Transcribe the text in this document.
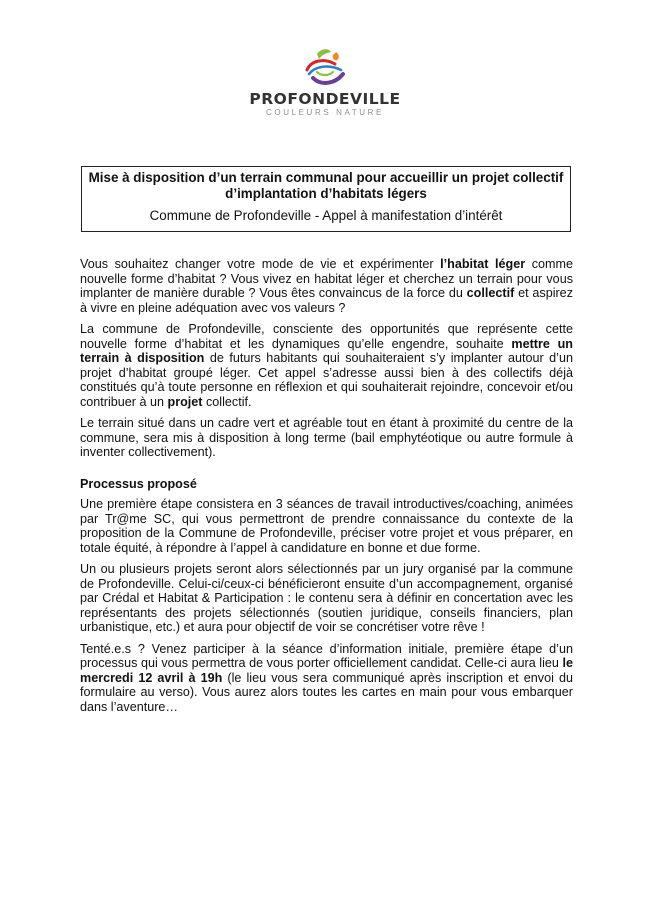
PROFONDEVILLE
COULEURS NATURE
Mise à disposition d’un terrain communal pour accueillir un projet collectif d’implantation d’habitats légers
Commune de Profondeville - Appel à manifestation d’intérêt

Vous souhaitez changer votre mode de vie et expérimenter l’habitat léger comme nouvelle forme d’habitat ? Vous vivez en habitat léger et cherchez un terrain pour vous implanter de manière durable ? Vous êtes convaincus de la force du collectif et aspirez à vivre en pleine adéquation avec vos valeurs ?

La commune de Profondeville, consciente des opportunités que représente cette nouvelle forme d’habitat et les dynamiques qu’elle engendre, souhaite mettre un terrain à disposition de futurs habitants qui souhaiteraient s’y implanter autour d’un projet d’habitat groupé léger. Cet appel s’adresse aussi bien à des collectifs déjà constitués qu’à toute personne en réflexion et qui souhaiterait rejoindre, concevoir et/ou contribuer à un projet collectif.

Le terrain situé dans un cadre vert et agréable tout en étant à proximité du centre de la commune, sera mis à disposition à long terme (bail emphytéotique ou autre formule à inventer collectivement).

Processus proposé

Une première étape consistera en 3 séances de travail introductives/coaching, animées par Tr@me SC, qui vous permettront de prendre connaissance du contexte de la proposition de la Commune de Profondeville, préciser votre projet et vous préparer, en totale équité, à répondre à l’appel à candidature en bonne et due forme.

Un ou plusieurs projets seront alors sélectionnés par un jury organisé par la commune de Profondeville. Celui-ci/ceux-ci bénéficieront ensuite d’un accompagnement, organisé par Crédal et Habitat & Participation : le contenu sera à définir en concertation avec les représentants des projets sélectionnés (soutien juridique, conseils financiers, plan urbanistique, etc.) et aura pour objectif de voir se concrétiser votre rêve !

Tenté.e.s ? Venez participer à la séance d’information initiale, première étape d’un processus qui vous permettra de vous porter officiellement candidat. Celle-ci aura lieu le mercredi 12 avril à 19h (le lieu vous sera communiqué après inscription et envoi du formulaire au verso). Vous aurez alors toutes les cartes en main pour vous embarquer dans l’aventure…
